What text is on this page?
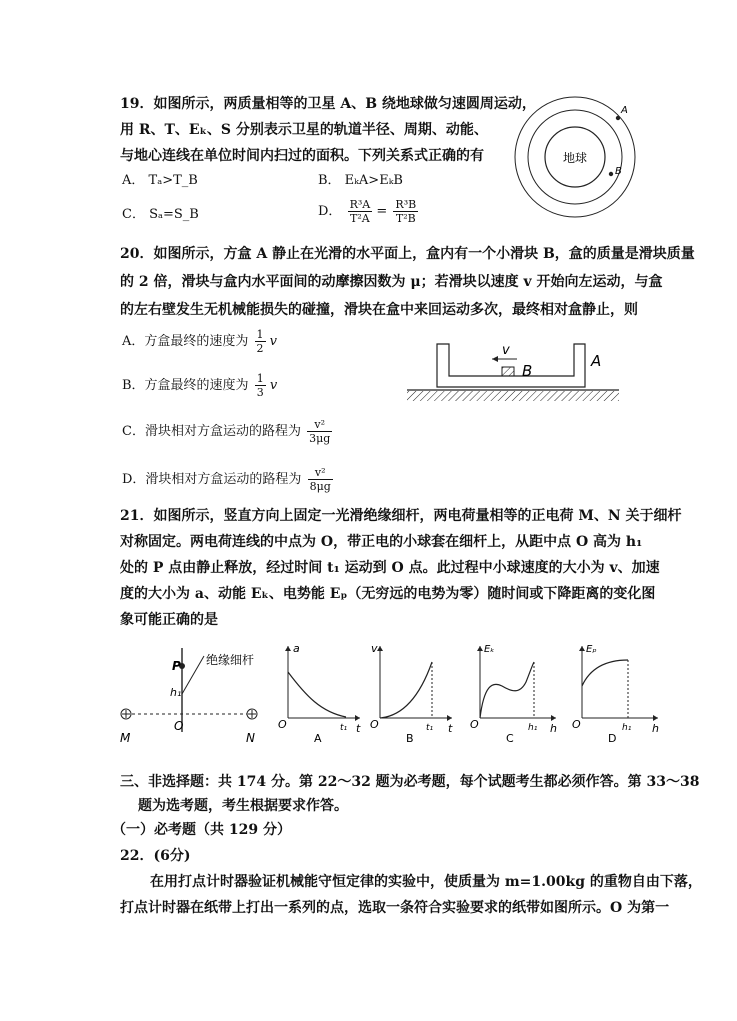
19．如图所示，两质量相等的卫星 A、B 绕地球做匀速圆周运动，
用 R、T、Eₖ、S 分别表示卫星的轨道半径、周期、动能、
与地心连线在单位时间内扫过的面积。下列关系式正确的有
A． Tₐ>T_B	B． EₖA>EₖB
C． Sₐ=S_B	D． $\frac{\text{R³A}}{\text{T²A}} = \frac{\text{R³B}}{\text{T²B}}$
地球
A
B
20．如图所示，方盒 A 静止在光滑的水平面上，盒内有一个小滑块 B，盒的质量是滑块质量
的 2 倍，滑块与盒内水平面间的动摩擦因数为 μ；若滑块以速度 v 开始向左运动，与盒
的左右壁发生无机械能损失的碰撞，滑块在盒中来回运动多次，最终相对盒静止，则
A．方盒最终的速度为 $\frac{1}{2}$ v
B．方盒最终的速度为 $\frac{1}{3}$ v
C．滑块相对方盒运动的路程为 $\frac{\text{v²}}{3\mu g}$
D．滑块相对方盒运动的路程为 $\frac{\text{v²}}{8\mu g}$
v
B
A
21．如图所示，竖直方向上固定一光滑绝缘细杆，两电荷量相等的正电荷 M、N 关于细杆
对称固定。两电荷连线的中点为 O，带正电的小球套在细杆上，从距中点 O 高为 h₁
处的 P 点由静止释放，经过时间 t₁ 运动到 O 点。此过程中小球速度的大小为 v、加速
度的大小为 a、动能 Eₖ、电势能 Eₚ（无穷远的电势为零）随时间或下降距离的变化图
象可能正确的是
绝缘细杆
P
h₁
O
M	N
a
t
t₁
O
A
v
t
t₁
O
B
Eₖ
h
h₁
O
C
Eₚ
h
h₁
O
D
三、非选择题：共 174 分。第 22～32 题为必考题，每个试题考生都必须作答。第 33～38
题为选考题，考生根据要求作答。
（一）必考题（共 129 分）
22．(6分)
在用打点计时器验证机械能守恒定律的实验中，使质量为 m=1.00kg 的重物自由下落，
打点计时器在纸带上打出一系列的点，选取一条符合实验要求的纸带如图所示。O 为第一
